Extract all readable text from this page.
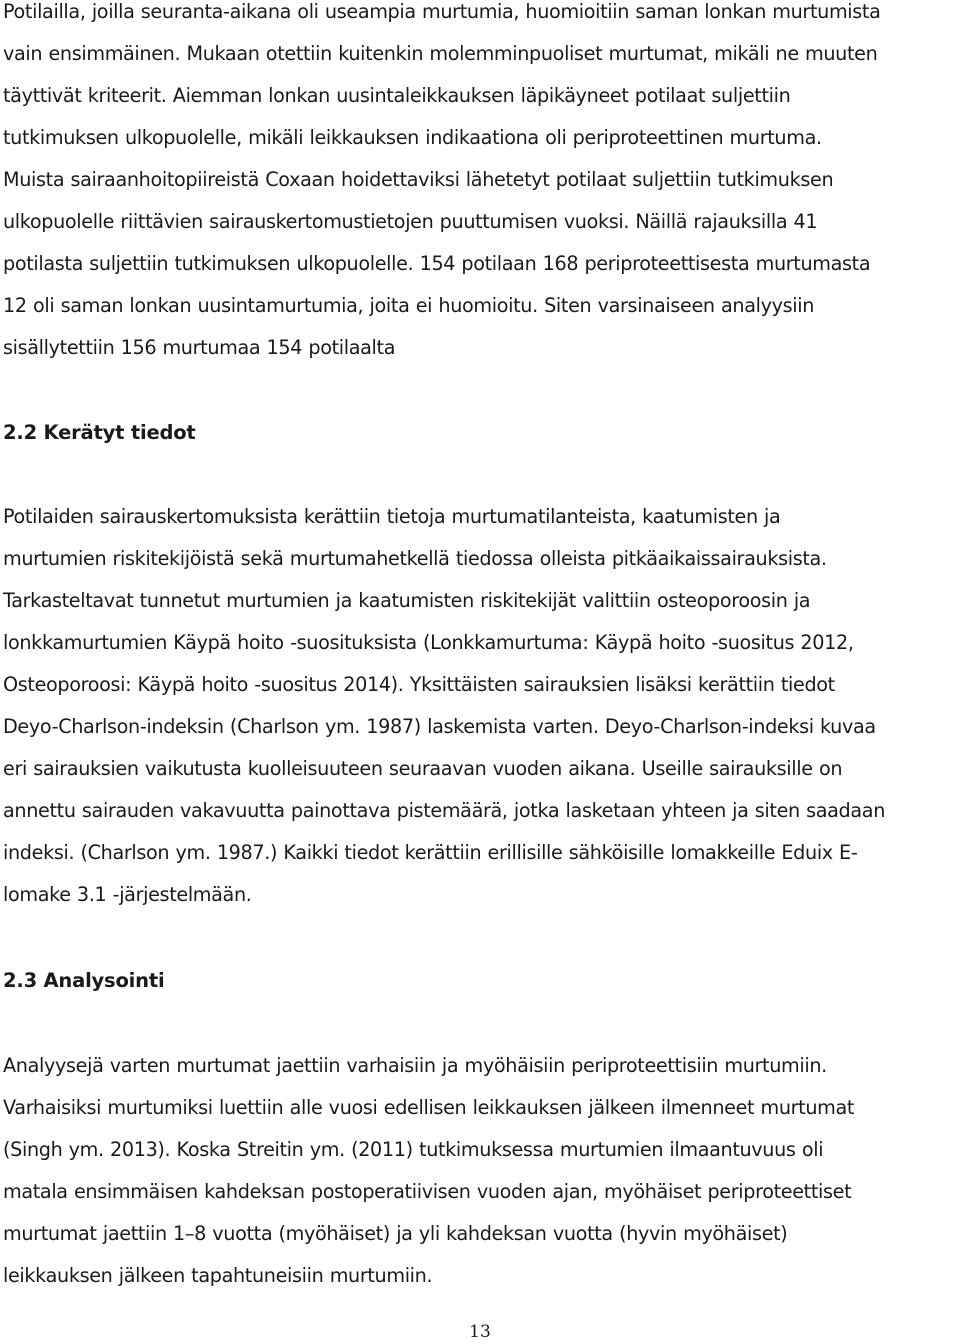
Potilailla, joilla seuranta-aikana oli useampia murtumia, huomioitiin saman lonkan murtumista
vain ensimmäinen. Mukaan otettiin kuitenkin molemminpuoliset murtumat, mikäli ne muuten
täyttivät kriteerit. Aiemman lonkan uusintaleikkauksen läpikäyneet potilaat suljettiin
tutkimuksen ulkopuolelle, mikäli leikkauksen indikaationa oli periproteettinen murtuma.
Muista sairaanhoitopiireistä Coxaan hoidettaviksi lähetetyt potilaat suljettiin tutkimuksen
ulkopuolelle riittävien sairauskertomustietojen puuttumisen vuoksi. Näillä rajauksilla 41
potilasta suljettiin tutkimuksen ulkopuolelle. 154 potilaan 168 periproteettisesta murtumasta
12 oli saman lonkan uusintamurtumia, joita ei huomioitu. Siten varsinaiseen analyysiin
sisällytettiin 156 murtumaa 154 potilaalta
2.2 Kerätyt tiedot
Potilaiden sairauskertomuksista kerättiin tietoja murtumatilanteista, kaatumisten ja
murtumien riskitekijöistä sekä murtumahetkellä tiedossa olleista pitkäaikaissairauksista.
Tarkasteltavat tunnetut murtumien ja kaatumisten riskitekijät valittiin osteoporoosin ja
lonkkamurtumien Käypä hoito -suosituksista (Lonkkamurtuma: Käypä hoito -suositus 2012,
Osteoporoosi: Käypä hoito -suositus 2014). Yksittäisten sairauksien lisäksi kerättiin tiedot
Deyo-Charlson-indeksin (Charlson ym. 1987) laskemista varten. Deyo-Charlson-indeksi kuvaa
eri sairauksien vaikutusta kuolleisuuteen seuraavan vuoden aikana. Useille sairauksille on
annettu sairauden vakavuutta painottava pistemäärä, jotka lasketaan yhteen ja siten saadaan
indeksi. (Charlson ym. 1987.) Kaikki tiedot kerättiin erillisille sähköisille lomakkeille Eduix E-
lomake 3.1 -järjestelmään.
2.3 Analysointi
Analyysejä varten murtumat jaettiin varhaisiin ja myöhäisiin periproteettisiin murtumiin.
Varhaisiksi murtumiksi luettiin alle vuosi edellisen leikkauksen jälkeen ilmenneet murtumat
(Singh ym. 2013). Koska Streitin ym. (2011) tutkimuksessa murtumien ilmaantuvuus oli
matala ensimmäisen kahdeksan postoperatiivisen vuoden ajan, myöhäiset periproteettiset
murtumat jaettiin 1–8 vuotta (myöhäiset) ja yli kahdeksan vuotta (hyvin myöhäiset)
leikkauksen jälkeen tapahtuneisiin murtumiin.
13
